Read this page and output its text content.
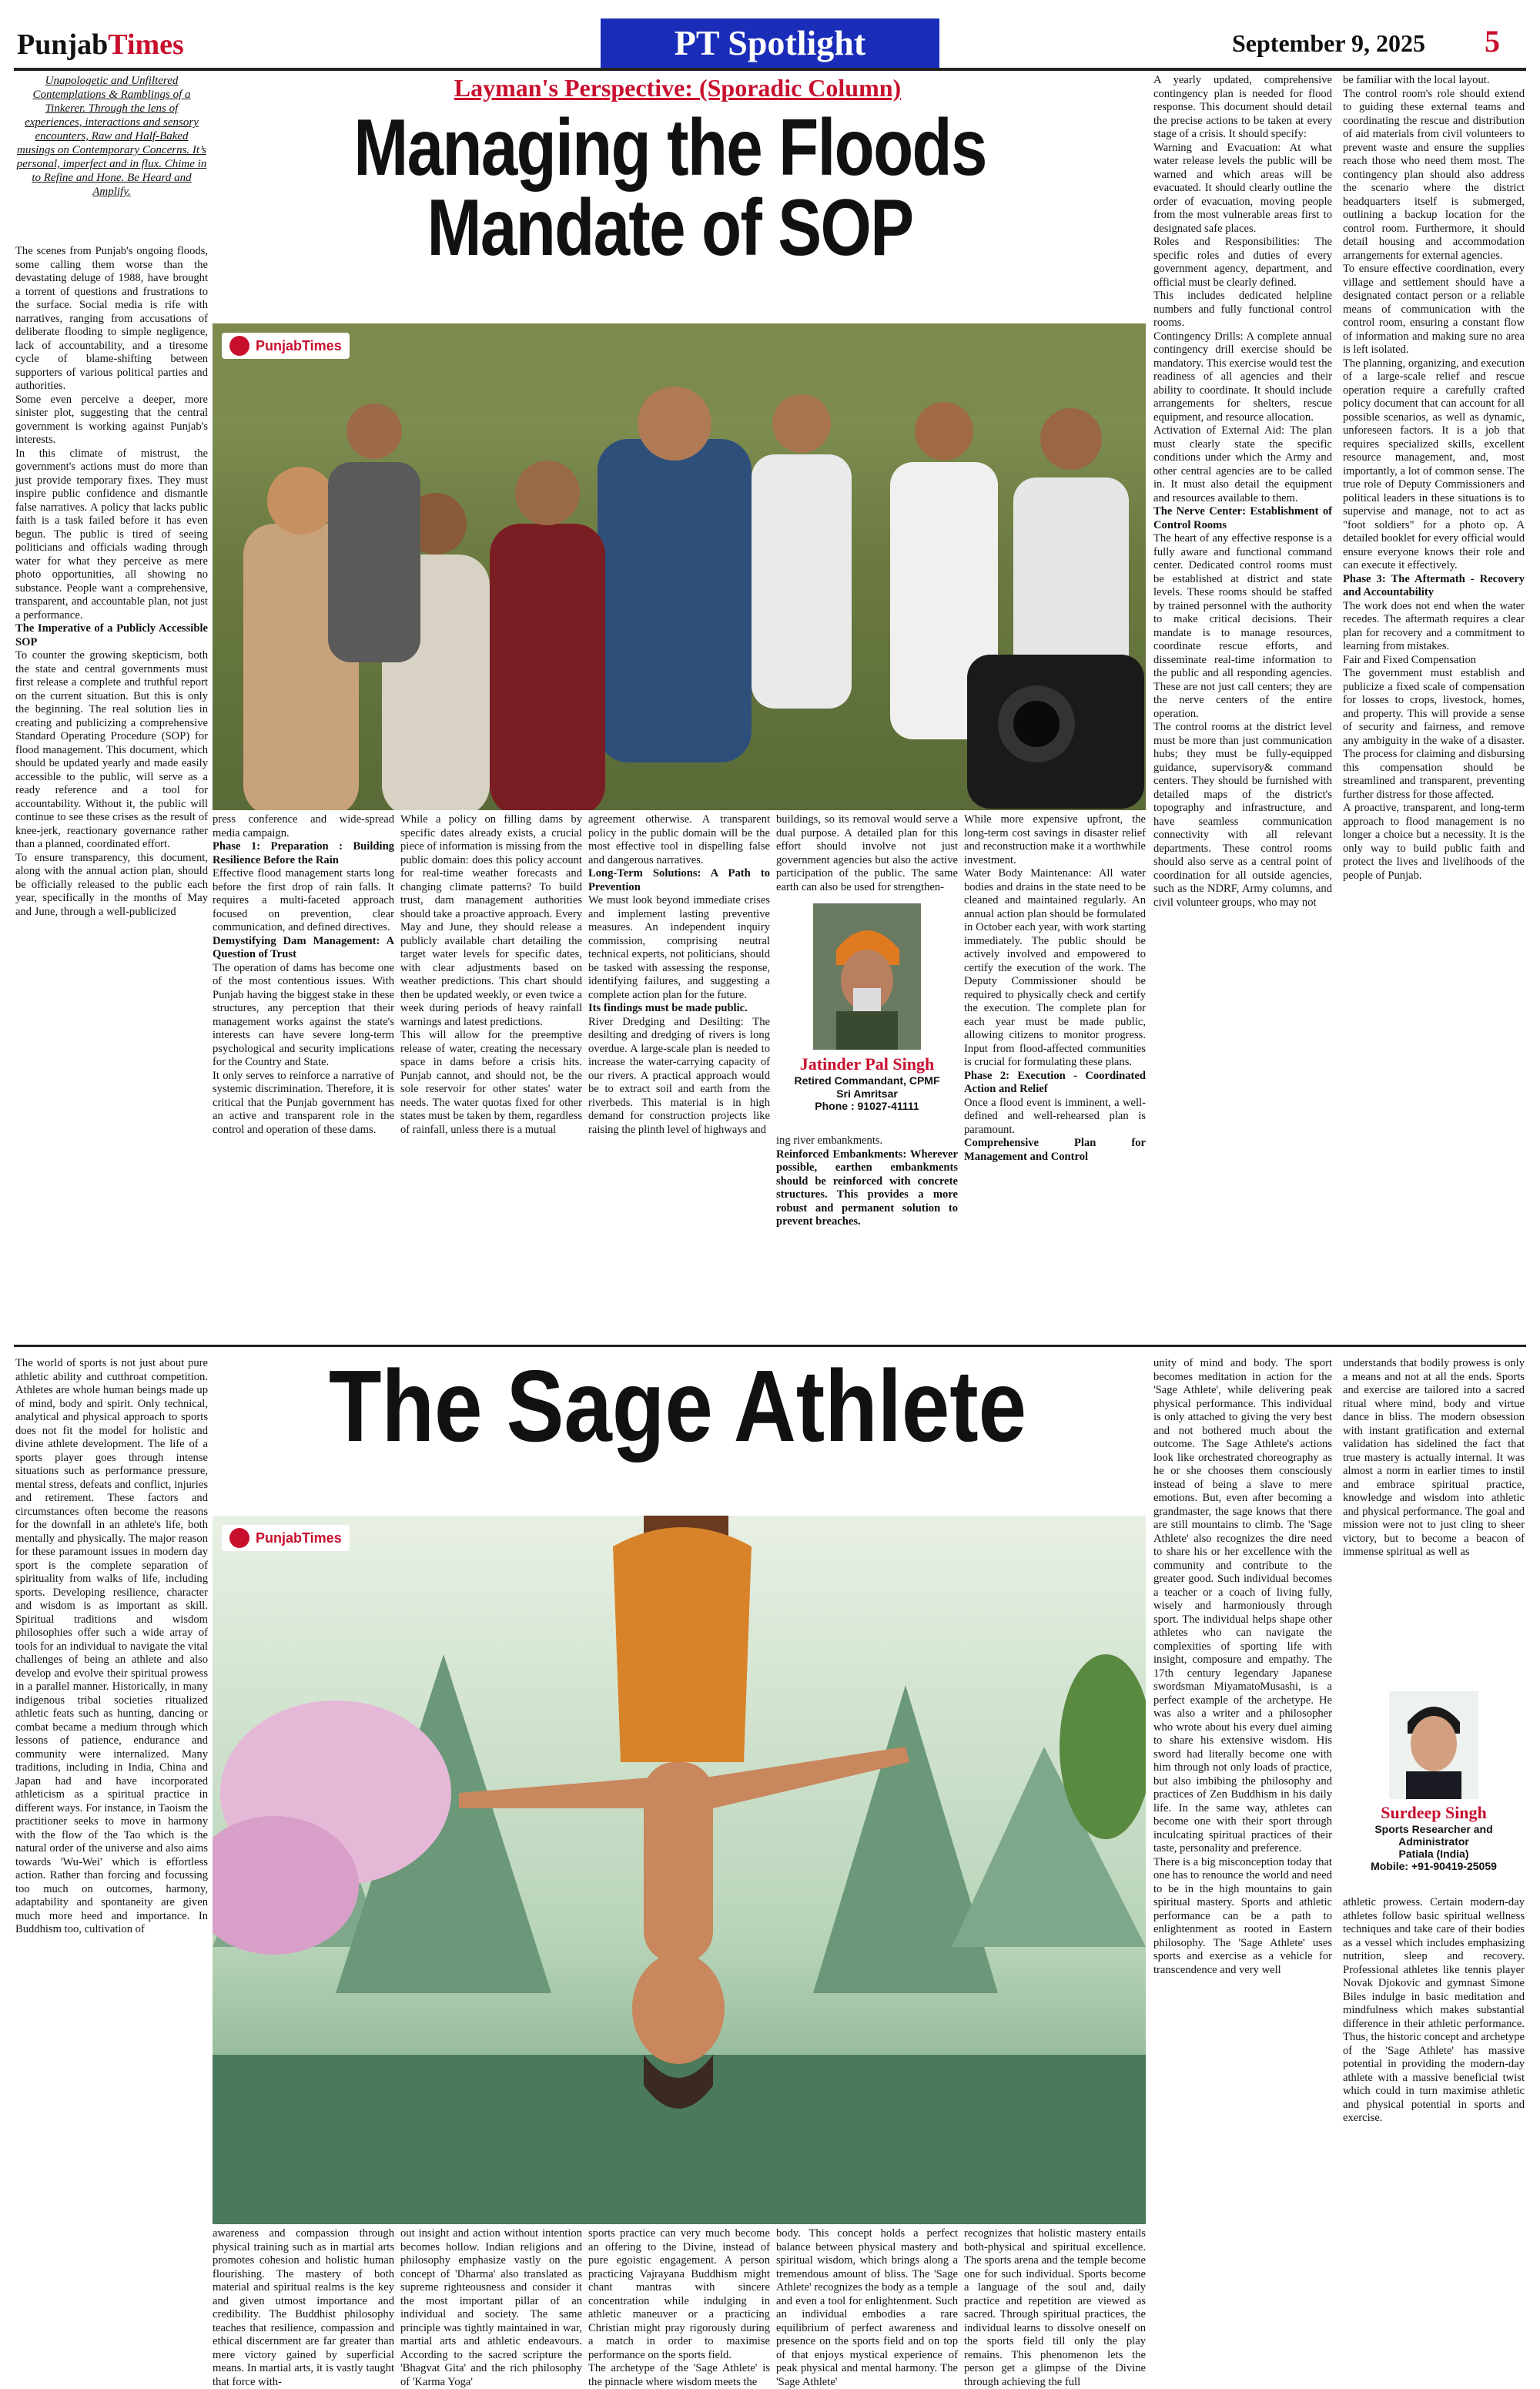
PunjabTimes	PT Spotlight	September 9, 2025 5
Unapologetic and Unfiltered Contemplations & Ramblings of a Tinkerer. Through the lens of experiences, interactions and sensory encounters, Raw and Half-Baked musings on Contemporary Concerns. It’s personal, imperfect and in flux. Chime in to Refine and Hone. Be Heard and Amplify.
Layman's Perspective: (Sporadic Column)
Managing the Floods
Mandate of SOP
PunjabTimes

The scenes from Punjab's ongoing floods, some calling them worse than the devastating deluge of 1988, have brought a torrent of questions and frustrations to the surface. Social media is rife with narratives, ranging from accusations of deliberate flooding to simple negligence, lack of accountability, and a tiresome cycle of blame-shifting between supporters of various political parties and authorities.

Some even perceive a deeper, more sinister plot, suggesting that the central government is working against Punjab's interests.

In this climate of mistrust, the government's actions must do more than just provide temporary fixes. They must inspire public confidence and dismantle false narratives. A policy that lacks public faith is a task failed before it has even begun. The public is tired of seeing politicians and officials wading through water for what they perceive as mere photo opportunities, all showing no substance. People want a comprehensive, transparent, and accountable plan, not just a performance.

The Imperative of a Publicly Accessible SOP

To counter the growing skepticism, both the state and central governments must first release a complete and truthful report on the current situation. But this is only the beginning. The real solution lies in creating and publicizing a comprehensive Standard Operating Procedure (SOP) for flood management. This document, which should be updated yearly and made easily accessible to the public, will serve as a ready reference and a tool for accountability. Without it, the public will continue to see these crises as the result of knee-jerk, reactionary governance rather than a planned, coordinated effort.

To ensure transparency, this document, along with the annual action plan, should be officially released to the public each year, specifically in the months of May and June, through a well-publicized

press conference and wide-spread media campaign.

Phase 1: Preparation : Building Resilience Before the Rain

Effective flood management starts long before the first drop of rain falls. It requires a multi-faceted approach focused on prevention, clear communication, and defined directives.

Demystifying Dam Management: A Question of Trust

The operation of dams has become one of the most contentious issues. With Punjab having the biggest stake in these structures, any perception that their management works against the state's interests can have severe long-term psychological and security implications for the Country and State.

It only serves to reinforce a narrative of systemic discrimination. Therefore, it is critical that the Punjab government has an active and transparent role in the control and operation of these dams.

While a policy on filling dams by specific dates already exists, a crucial piece of information is missing from the public domain: does this policy account for real-time weather forecasts and changing climate patterns? To build trust, dam management authorities should take a proactive approach. Every May and June, they should release a publicly available chart detailing the target water levels for specific dates, with clear adjustments based on weather predictions. This chart should then be updated weekly, or even twice a week during periods of heavy rainfall warnings and latest predictions.

This will allow for the preemptive release of water, creating the necessary space in dams before a crisis hits. Punjab cannot, and should not, be the sole reservoir for other states' water needs. The water quotas fixed for other states must be taken by them, regardless of rainfall, unless there is a mutual

agreement otherwise. A transparent policy in the public domain will be the most effective tool in dispelling false and dangerous narratives.

Long-Term Solutions: A Path to Prevention

We must look beyond immediate crises and implement lasting preventive measures. An independent inquiry commission, comprising neutral technical experts, not politicians, should be tasked with assessing the response, identifying failures, and suggesting a complete action plan for the future.

Its findings must be made public.

River Dredging and Desilting: The desilting and dredging of rivers is long overdue. A large-scale plan is needed to increase the water-carrying capacity of our rivers. A practical approach would be to extract soil and earth from the riverbeds. This material is in high demand for construction projects like raising the plinth level of highways and

buildings, so its removal would serve a dual purpose. A detailed plan for this effort should involve not just government agencies but also the active participation of the public. The same earth can also be used for strengthen-

Jatinder Pal Singh
Retired Commandant, CPMF
Sri Amritsar
Phone : 91027-41111

ing river embankments.

Reinforced Embankments: Wherever possible, earthen embankments should be reinforced with concrete structures. This provides a more robust and permanent solution to prevent breaches.

While more expensive upfront, the long-term cost savings in disaster relief and reconstruction make it a worthwhile investment.

Water Body Maintenance: All water bodies and drains in the state need to be cleaned and maintained regularly. An annual action plan should be formulated in October each year, with work starting immediately. The public should be actively involved and empowered to certify the execution of the work. The Deputy Commissioner should be required to physically check and certify the execution. The complete plan for each year must be made public, allowing citizens to monitor progress. Input from flood-affected communities is crucial for formulating these plans.

Phase 2: Execution - Coordinated Action and Relief

Once a flood event is imminent, a well-defined and well-rehearsed plan is paramount.

Comprehensive Plan for Management and Control

A yearly updated, comprehensive contingency plan is needed for flood response. This document should detail the precise actions to be taken at every stage of a crisis. It should specify:

Warning and Evacuation: At what water release levels the public will be warned and which areas will be evacuated. It should clearly outline the order of evacuation, moving people from the most vulnerable areas first to designated safe places.

Roles and Responsibilities: The specific roles and duties of every government agency, department, and official must be clearly defined.

This includes dedicated helpline numbers and fully functional control rooms.

Contingency Drills: A complete annual contingency drill exercise should be mandatory. This exercise would test the readiness of all agencies and their ability to coordinate. It should include arrangements for shelters, rescue equipment, and resource allocation.

Activation of External Aid: The plan must clearly state the specific conditions under which the Army and other central agencies are to be called in. It must also detail the equipment and resources available to them.

The Nerve Center: Establishment of Control Rooms

The heart of any effective response is a fully aware and functional command center. Dedicated control rooms must be established at district and state levels. These rooms should be staffed by trained personnel with the authority to make critical decisions. Their mandate is to manage resources, coordinate rescue efforts, and disseminate real-time information to the public and all responding agencies. These are not just call centers; they are the nerve centers of the entire operation.

The control rooms at the district level must be more than just communication hubs; they must be fully-equipped guidance, supervisory& command centers. They should be furnished with detailed maps of the district's topography and infrastructure, and have seamless communication connectivity with all relevant departments. These control rooms should also serve as a central point of coordination for all outside agencies, such as the NDRF, Army columns, and civil volunteer groups, who may not

be familiar with the local layout.

The control room's role should extend to guiding these external teams and coordinating the rescue and distribution of aid materials from civil volunteers to prevent waste and ensure the supplies reach those who need them most. The contingency plan should also address the scenario where the district headquarters itself is submerged, outlining a backup location for the control room. Furthermore, it should detail housing and accommodation arrangements for external agencies.

To ensure effective coordination, every village and settlement should have a designated contact person or a reliable means of communication with the control room, ensuring a constant flow of information and making sure no area is left isolated.

The planning, organizing, and execution of a large-scale relief and rescue operation require a carefully crafted policy document that can account for all possible scenarios, as well as dynamic, unforeseen factors. It is a job that requires specialized skills, excellent resource management, and, most importantly, a lot of common sense. The true role of Deputy Commissioners and political leaders in these situations is to supervise and manage, not to act as "foot soldiers" for a photo op. A detailed booklet for every official would ensure everyone knows their role and can execute it effectively.

Phase 3: The Aftermath - Recovery and Accountability

The work does not end when the water recedes. The aftermath requires a clear plan for recovery and a commitment to learning from mistakes.

Fair and Fixed Compensation

The government must establish and publicize a fixed scale of compensation for losses to crops, livestock, homes, and property. This will provide a sense of security and fairness, and remove any ambiguity in the wake of a disaster. The process for claiming and disbursing this compensation should be streamlined and transparent, preventing further distress for those affected.

A proactive, transparent, and long-term approach to flood management is no longer a choice but a necessity. It is the only way to build public faith and protect the lives and livelihoods of the people of Punjab.

The Sage Athlete
PunjabTimes

The world of sports is not just about pure athletic ability and cutthroat competition. Athletes are whole human beings made up of mind, body and spirit. Only technical, analytical and physical approach to sports does not fit the model for holistic and divine athlete development. The life of a sports player goes through intense situations such as performance pressure, mental stress, defeats and conflict, injuries and retirement. These factors and circumstances often become the reasons for the downfall in an athlete's life, both mentally and physically. The major reason for these paramount issues in modern day sport is the complete separation of spirituality from walks of life, including sports. Developing resilience, character and wisdom is as important as skill. Spiritual traditions and wisdom philosophies offer such a wide array of tools for an individual to navigate the vital challenges of being an athlete and also develop and evolve their spiritual prowess in a parallel manner. Historically, in many indigenous tribal societies ritualized athletic feats such as hunting, dancing or combat became a medium through which lessons of patience, endurance and community were internalized. Many traditions, including in India, China and Japan had and have incorporated athleticism as a spiritual practice in different ways. For instance, in Taoism the practitioner seeks to move in harmony with the flow of the Tao which is the natural order of the universe and also aims towards 'Wu-Wei' which is effortless action. Rather than forcing and focussing too much on outcomes, harmony, adaptability and spontaneity are given much more heed and importance. In Buddhism too, cultivation of

awareness and compassion through physical training such as in martial arts promotes cohesion and holistic human flourishing. The mastery of both material and spiritual realms is the key and given utmost importance and credibility. The Buddhist philosophy teaches that resilience, compassion and ethical discernment are far greater than mere victory gained by superficial means. In martial arts, it is vastly taught that force with-

out insight and action without intention becomes hollow. Indian religions and philosophy emphasize vastly on the concept of 'Dharma' also translated as supreme righteousness and consider it the most important pillar of an individual and society. The same principle was tightly maintained in war, martial arts and athletic endeavours. According to the sacred scripture the 'Bhagvat Gita' and the rich philosophy of 'Karma Yoga'

sports practice can very much become an offering to the Divine, instead of pure egoistic engagement. A person practicing Vajrayana Buddhism might chant mantras with sincere concentration while indulging in athletic maneuver or a practicing Christian might pray rigorously during a match in order to maximise performance on the sports field.

The archetype of the 'Sage Athlete' is the pinnacle where wisdom meets the

body. This concept holds a perfect balance between physical mastery and spiritual wisdom, which brings along a tremendous amount of bliss. The 'Sage Athlete' recognizes the body as a temple and even a tool for enlightenment. Such an individual embodies a rare equilibrium of perfect awareness and presence on the sports field and on top of that enjoys mystical experience of peak physical and mental harmony. The 'Sage Athlete'

recognizes that holistic mastery entails both-physical and spiritual excellence. The sports arena and the temple become one for such individual. Sports become a language of the soul and, daily practice and repetition are viewed as sacred. Through spiritual practices, the individual learns to dissolve oneself on the sports field till only the play remains. This phenomenon lets the person get a glimpse of the Divine through achieving the full

unity of mind and body. The sport becomes meditation in action for the 'Sage Athlete', while delivering peak physical performance. This individual is only attached to giving the very best and not bothered much about the outcome. The Sage Athlete's actions look like orchestrated choreography as he or she chooses them consciously instead of being a slave to mere emotions. But, even after becoming a grandmaster, the sage knows that there are still mountains to climb. The 'Sage Athlete' also recognizes the dire need to share his or her excellence with the community and contribute to the greater good. Such individual becomes a teacher or a coach of living fully, wisely and harmoniously through sport. The individual helps shape other athletes who can navigate the complexities of sporting life with insight, composure and empathy. The 17th century legendary Japanese swordsman MiyamatoMusashi, is a perfect example of the archetype. He was also a writer and a philosopher who wrote about his every duel aiming to share his extensive wisdom. His sword had literally become one with him through not only loads of practice, but also imbibing the philosophy and practices of Zen Buddhism in his daily life. In the same way, athletes can become one with their sport through inculcating spiritual practices of their taste, personality and preference.

There is a big misconception today that one has to renounce the world and need to be in the high mountains to gain spiritual mastery. Sports and athletic performance can be a path to enlightenment as rooted in Eastern philosophy. The 'Sage Athlete' uses sports and exercise as a vehicle for transcendence and very well

understands that bodily prowess is only a means and not at all the ends. Sports and exercise are tailored into a sacred ritual where mind, body and virtue dance in bliss. The modern obsession with instant gratification and external validation has sidelined the fact that true mastery is actually internal. It was almost a norm in earlier times to instil and embrace spiritual practice, knowledge and wisdom into athletic and physical performance. The goal and mission were not to just cling to sheer victory, but to become a beacon of immense spiritual as well as

Surdeep Singh
Sports Researcher and Administrator
Patiala (India)
Mobile: +91-90419-25059

athletic prowess. Certain modern-day athletes follow basic spiritual wellness techniques and take care of their bodies as a vessel which includes emphasizing nutrition, sleep and recovery. Professional athletes like tennis player Novak Djokovic and gymnast Simone Biles indulge in basic meditation and mindfulness which makes substantial difference in their athletic performance. Thus, the historic concept and archetype of the 'Sage Athlete' has massive potential in providing the modern-day athlete with a massive beneficial twist which could in turn maximise athletic and physical potential in sports and exercise.
